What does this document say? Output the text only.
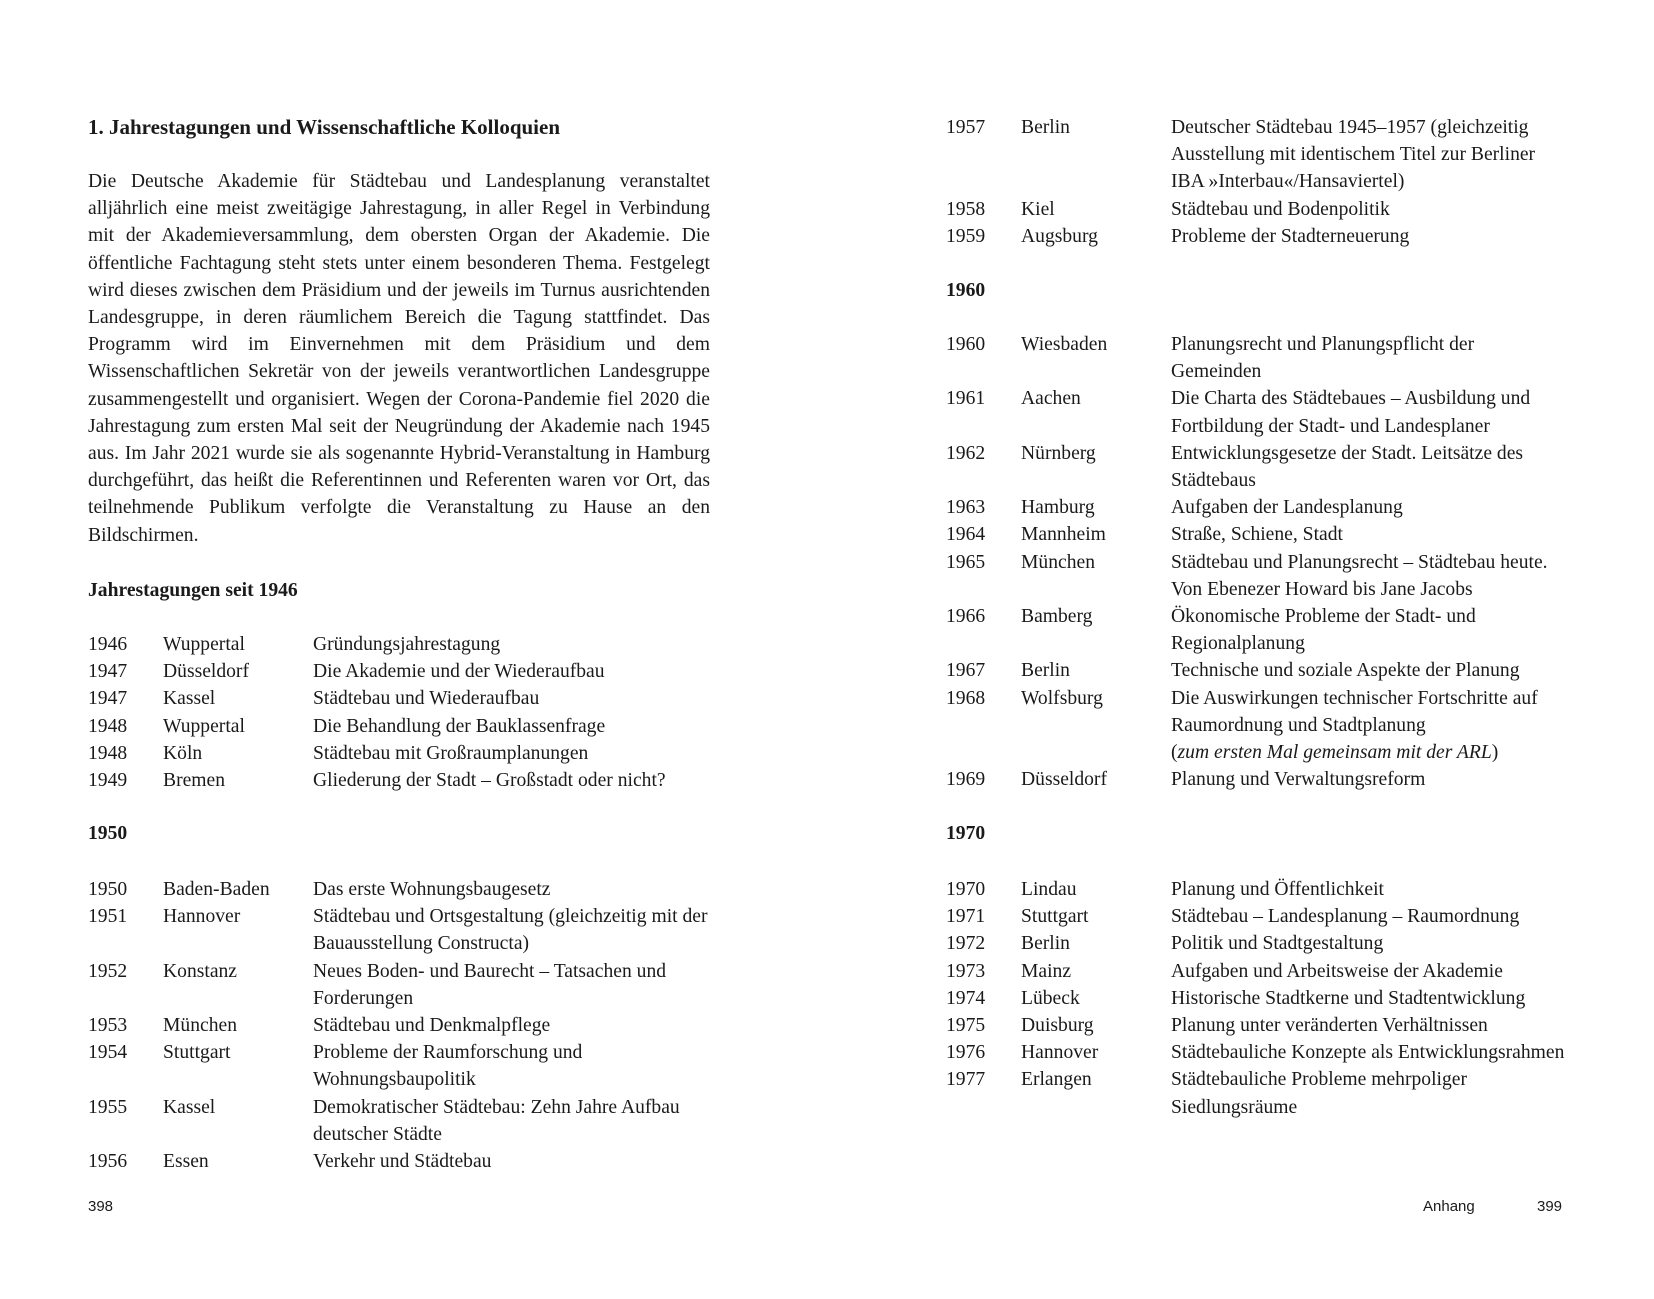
1. Jahrestagungen und Wissenschaftliche Kolloquien
Die Deutsche Akademie für Städtebau und Landesplanung veranstaltet alljährlich eine meist zweitägige Jahrestagung, in aller Regel in Verbindung mit der Akademieversammlung, dem obersten Organ der Akademie. Die öffentliche Fachtagung steht stets unter einem besonderen Thema. Festgelegt wird dieses zwischen dem Präsidium und der jeweils im Turnus ausrichtenden Landesgruppe, in deren räumlichem Bereich die Tagung stattfindet. Das Programm wird im Einvernehmen mit dem Präsidium und dem Wissenschaftlichen Sekretär von der jeweils verantwortlichen Landesgruppe zusammengestellt und organisiert. Wegen der Corona-Pandemie fiel 2020 die Jahrestagung zum ersten Mal seit der Neugründung der Akademie nach 1945 aus. Im Jahr 2021 wurde sie als sogenannte Hybrid-Veranstaltung in Hamburg durchgeführt, das heißt die Referentinnen und Referenten waren vor Ort, das teilnehmende Publikum verfolgte die Veranstaltung zu Hause an den Bildschirmen.
Jahrestagungen seit 1946
1946	Wuppertal	Gründungsjahrestagung
1947	Düsseldorf	Die Akademie und der Wiederaufbau
1947	Kassel	Städtebau und Wiederaufbau
1948	Wuppertal	Die Behandlung der Bauklassenfrage
1948	Köln	Städtebau mit Großraumplanungen
1949	Bremen	Gliederung der Stadt – Großstadt oder nicht?
1950
1950	Baden-Baden	Das erste Wohnungsbaugesetz
1951	Hannover	Städtebau und Ortsgestaltung (gleichzeitig mit der Bauausstellung Constructa)
1952	Konstanz	Neues Boden- und Baurecht – Tatsachen und Forderungen
1953	München	Städtebau und Denkmalpflege
1954	Stuttgart	Probleme der Raumforschung und Wohnungsbaupolitik
1955	Kassel	Demokratischer Städtebau: Zehn Jahre Aufbau deutscher Städte
1956	Essen	Verkehr und Städtebau
398
1957	Berlin	Deutscher Städtebau 1945–1957 (gleichzeitig Ausstellung mit identischem Titel zur Berliner IBA »Interbau«/Hansaviertel)
1958	Kiel	Städtebau und Bodenpolitik
1959	Augsburg	Probleme der Stadterneuerung
1960
1960	Wiesbaden	Planungsrecht und Planungspflicht der Gemeinden
1961	Aachen	Die Charta des Städtebaues – Ausbildung und Fortbildung der Stadt- und Landesplaner
1962	Nürnberg	Entwicklungsgesetze der Stadt. Leitsätze des Städtebaus
1963	Hamburg	Aufgaben der Landesplanung
1964	Mannheim	Straße, Schiene, Stadt
1965	München	Städtebau und Planungsrecht – Städtebau heute. Von Ebenezer Howard bis Jane Jacobs
1966	Bamberg	Ökonomische Probleme der Stadt- und Regionalplanung
1967	Berlin	Technische und soziale Aspekte der Planung
1968	Wolfsburg	Die Auswirkungen technischer Fortschritte auf Raumordnung und Stadtplanung
(zum ersten Mal gemeinsam mit der ARL)
1969	Düsseldorf	Planung und Verwaltungsreform
1970
1970	Lindau	Planung und Öffentlichkeit
1971	Stuttgart	Städtebau – Landesplanung – Raumordnung
1972	Berlin	Politik und Stadtgestaltung
1973	Mainz	Aufgaben und Arbeitsweise der Akademie
1974	Lübeck	Historische Stadtkerne und Stadtentwicklung
1975	Duisburg	Planung unter veränderten Verhältnissen
1976	Hannover	Städtebauliche Konzepte als Entwicklungsrahmen
1977	Erlangen	Städtebauliche Probleme mehrpoliger Siedlungsräume
Anhang	399
